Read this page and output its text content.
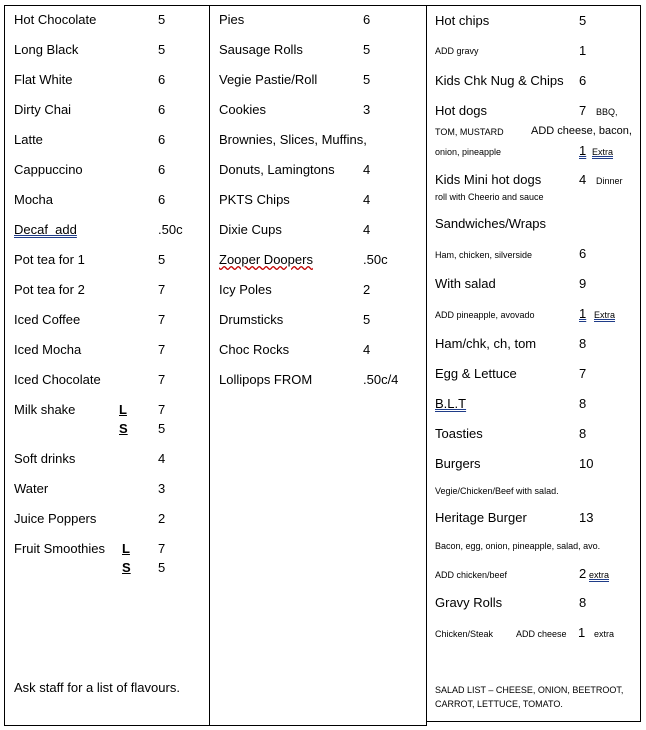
Hot Chocolate	5
Long Black	5
Flat White	6
Dirty Chai	6
Latte	6
Cappuccino	6
Mocha	6
Decaf  add	.50c
Pot tea for 1	5
Pot tea for 2	7
Iced Coffee	7
Iced Mocha	7
Iced Chocolate	7
Milk shake	L 7
S 5
Soft drinks	4
Water	3
Juice Poppers	2
Fruit Smoothies L 7
S 5
Ask staff for a list of flavours.
Pies	6
Sausage Rolls	5
Vegie Pastie/Roll	5
Cookies	3
Brownies, Slices, Muffins,
Donuts, Lamingtons 4
PKTS Chips	4
Dixie Cups	4
Zooper Doopers	.50c
Icy Poles	2
Drumsticks	5
Choc Rocks	4
Lollipops FROM	.50c/4
Hot chips	5
ADD gravy	1
Kids Chk Nug & Chips 6
Hot dogs	7 BBQ,
TOM, MUSTARD ADD cheese, bacon,
onion, pineapple	1 Extra
Kids Mini hot dogs	4 Dinner
roll with Cheerio and sauce
Sandwiches/Wraps
Ham, chicken, silverside	6
With salad	9
ADD pineapple, avovado	1 Extra
Ham/chk, ch, tom	8
Egg & Lettuce	7
B.L.T	8
Toasties	8
Burgers	10
Vegie/Chicken/Beef with salad.
Heritage Burger	13
Bacon, egg, onion, pineapple, salad, avo.
ADD chicken/beef	2 extra
Gravy Rolls	8
Chicken/Steak	ADD cheese 1 extra
SALAD LIST – CHEESE, ONION, BEETROOT,
CARROT, LETTUCE, TOMATO.
